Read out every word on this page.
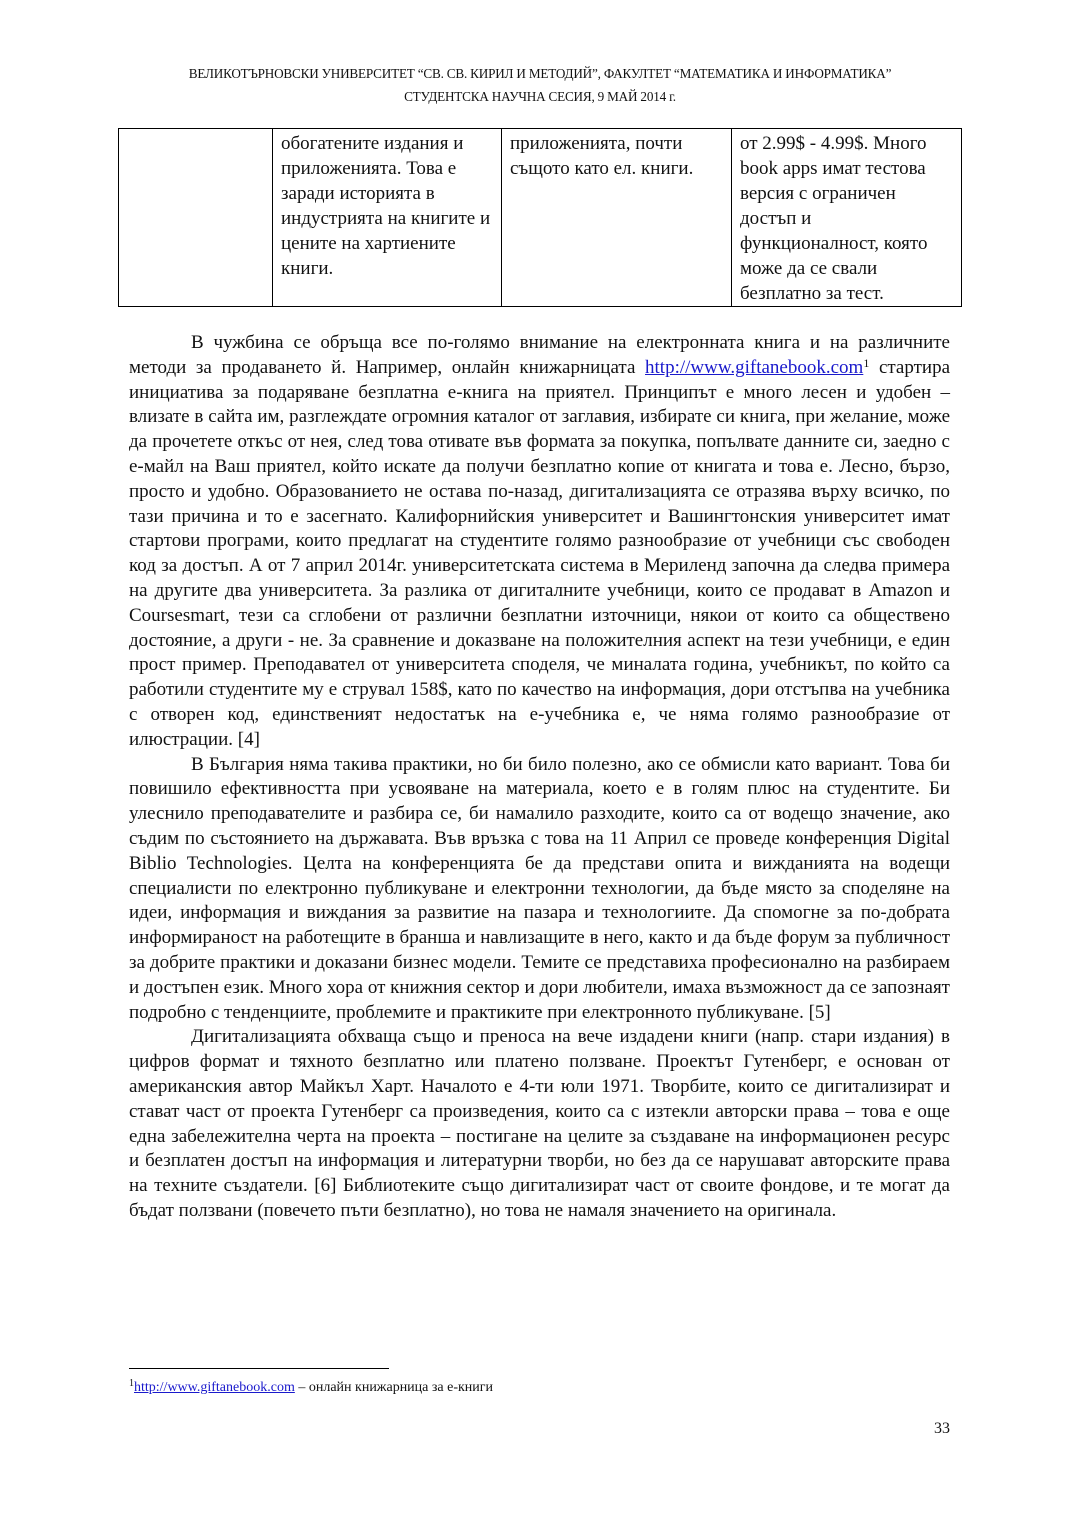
ВЕЛИКОТЪРНОВСКИ УНИВЕРСИТЕТ “СВ. СВ. КИРИЛ И МЕТОДИЙ”, ФАКУЛТЕТ “МАТЕМАТИКА И ИНФОРМАТИКА”
СТУДЕНТСКА НАУЧНА СЕСИЯ, 9 МАЙ 2014 г.
	обогатените издания и приложенията. Това е заради историята в индустрията на книгите и цените на хартиените книги.	приложенията, почти същото като ел. книги.	от 2.99$ - 4.99$. Много book apps имат тестова версия с ограничен достъп и функционалност, която може да се свали безплатно за тест.

В чужбина се обръща все по-голямо внимание на електронната книга и на различните методи за продаването й. Например, онлайн книжарницата http://www.giftanebook.com$^1$ стартира инициатива за подаряване безплатна е-книга на приятел. Принципът е много лесен и удобен – влизате в сайта им, разглеждате огромния каталог от заглавия, избирате си книга, при желание, може да прочетете откъс от нея, след това отивате във формата за покупка, попълвате данните си, заедно с е-майл на Ваш приятел, който искате да получи безплатно копие от книгата и това е. Лесно, бързо, просто и удобно. Образованието не остава по-назад, дигитализацията се отразява върху всичко, по тази причина и то е засегнато. Калифорнийския университет и Вашингтонския университет имат стартови програми, които предлагат на студентите голямо разнообразие от учебници със свободен код за достъп. А от 7 април 2014г. университетската система в Мериленд започна да следва примера на другите два университета. За разлика от дигиталните учебници, които се продават в Amazon и Coursesmart, тези са сглобени от различни безплатни източници, някои от които са обществено достояние, а други - не. За сравнение и доказване на положителния аспект на тези учебници, е един прост пример. Преподавател от университета споделя, че миналата година, учебникът, по който са работили студентите му е струвал 158$, като по качество на информация, дори отстъпва на учебника с отворен код, единственият недостатък на е-учебника е, че няма голямо разнообразие от илюстрации. [4]

В България няма такива практики, но би било полезно, ако се обмисли като вариант. Това би повишило ефективността при усвояване на материала, което е в голям плюс на студентите. Би улеснило преподавателите и разбира се, би намалило разходите, които са от водещо значение, ако съдим по състоянието на държавата. Във връзка с това на 11 Април се проведе конференция Digital Biblio Technologies. Целта на конференцията бе да представи опита и вижданията на водещи специалисти по електронно публикуване и електронни технологии, да бъде място за споделяне на идеи, информация и виждания за развитие на пазара и технологиите. Да спомогне за по-добрата информираност на работещите в бранша и навлизащите в него, както и да бъде форум за публичност за добрите практики и доказани бизнес модели. Темите се представиха професионално на разбираем и достъпен език. Много хора от книжния сектор и дори любители, имаха възможност да се запознаят подробно с тенденциите, проблемите и практиките при електронното публикуване. [5]

Дигитализацията обхваща също и преноса на вече издадени книги (напр. стари издания) в цифров формат и тяхното безплатно или платено ползване. Проектът Гутенберг, е основан от американския автор Майкъл Харт. Началото е 4-ти юли 1971. Творбите, които се дигитализират и стават част от проекта Гутенберг са произведения, които са с изтекли авторски права – това е още една забележителна черта на проекта – постигане на целите за създаване на информационен ресурс и безплатен достъп на информация и литературни творби, но без да се нарушават авторските права на техните създатели. [6] Библиотеките също дигитализират част от своите фондове, и те могат да бъдат ползвани (повечето пъти безплатно), но това не намаля значението на оригинала.

$^1$http://www.giftanebook.com – онлайн книжарница за е-книги
33
